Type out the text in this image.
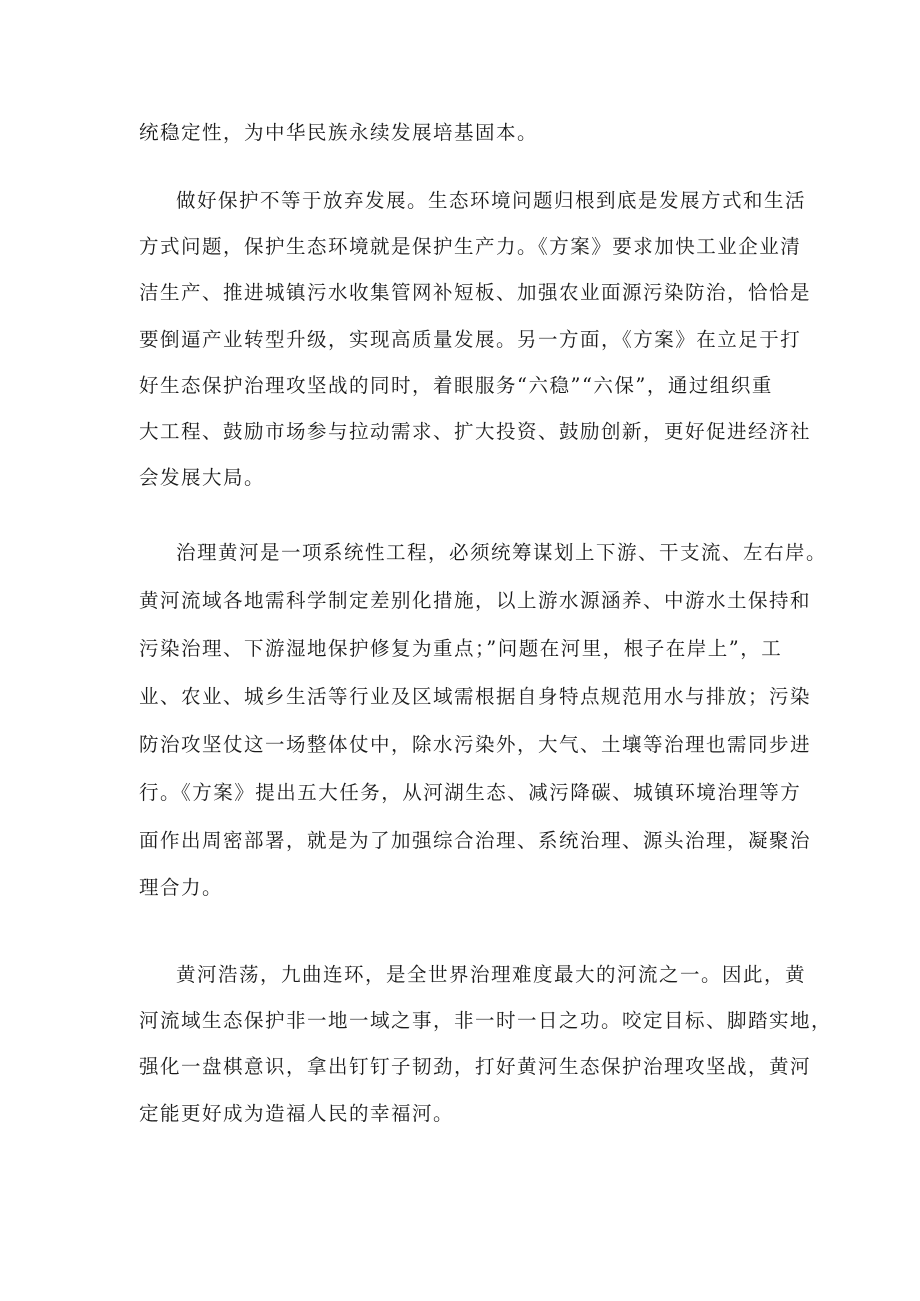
统稳定性，为中华民族永续发展培基固本。
做好保护不等于放弃发展。生态环境问题归根到底是发展方式和生活
方式问题，保护生态环境就是保护生产力。《方案》要求加快工业企业清
洁生产、推进城镇污水收集管网补短板、加强农业面源污染防治，恰恰是
要倒逼产业转型升级，实现高质量发展。另一方面，《方案》在立足于打
好生态保护治理攻坚战的同时，着眼服务“六稳”“六保”，通过组织重
大工程、鼓励市场参与拉动需求、扩大投资、鼓励创新，更好促进经济社
会发展大局。
治理黄河是一项系统性工程，必须统筹谋划上下游、干支流、左右岸。
黄河流域各地需科学制定差别化措施，以上游水源涵养、中游水土保持和
污染治理、下游湿地保护修复为重点；”问题在河里，根子在岸上”，工
业、农业、城乡生活等行业及区域需根据自身特点规范用水与排放；污染
防治攻坚仗这一场整体仗中，除水污染外，大气、土壤等治理也需同步进
行。《方案》提出五大任务，从河湖生态、减污降碳、城镇环境治理等方
面作出周密部署，就是为了加强综合治理、系统治理、源头治理，凝聚治
理合力。
黄河浩荡，九曲连环，是全世界治理难度最大的河流之一。因此，黄
河流域生态保护非一地一域之事，非一时一日之功。咬定目标、脚踏实地，
强化一盘棋意识，拿出钉钉子韧劲，打好黄河生态保护治理攻坚战，黄河
定能更好成为造福人民的幸福河。
